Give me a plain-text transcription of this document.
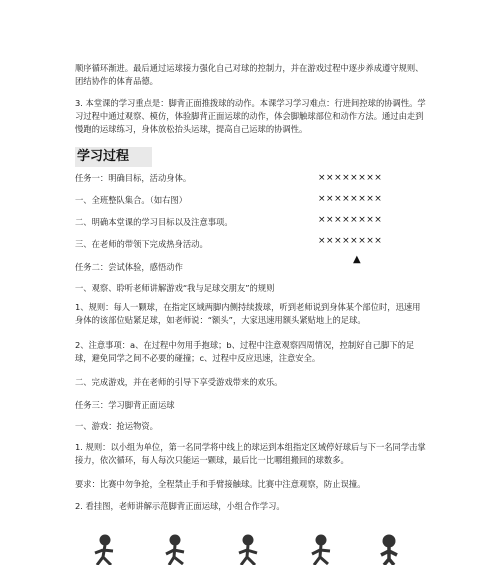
顺序循环渐进。最后通过运球接力强化自己对球的控制力，并在游戏过程中逐步养成遵守规则、团结协作的体育品德。

3. 本堂课的学习重点是：脚背正面推拨球的动作。本课学习学习难点：行进间控球的协调性。学习过程中通过观察、模仿，体验脚背正面运球的动作，体会脚触球部位和动作方法。通过由走到慢跑的运球练习，身体放松抬头运球，提高自己运球的协调性。

学习过程

任务一：明确目标，活动身体。

一、全班整队集合。（如右图）

二、明确本堂课的学习目标以及注意事项。

三、在老师的带领下完成热身活动。

××××××××
××××××××
××××××××
××××××××
▲

任务二：尝试体验，感悟动作

一、观察、聆听老师讲解游戏“我与足球交朋友”的规则

1、规则：每人一颗球，在指定区域两脚内侧持续拨球，听到老师说到身体某个部位时，迅速用身体的该部位贴紧足球，如老师说：“额头”，大家迅速用额头紧贴地上的足球。

2、注意事项：a、在过程中勿用手抱球；b、过程中注意观察四周情况，控制好自己脚下的足球，避免同学之间不必要的碰撞；c、过程中反应迅速，注意安全。

二、完成游戏，并在老师的引导下享受游戏带来的欢乐。

任务三：学习脚背正面运球

一、游戏：抢运物资。

1. 规则：以小组为单位，第一名同学将中线上的球运到本组指定区域停好球后与下一名同学击掌接力，依次循环，每人每次只能运一颗球，最后比一比哪组搬回的球数多。

要求：比赛中勿争抢，全程禁止手和手臂接触球。比赛中注意观察，防止误撞。

2. 看挂图，老师讲解示范脚背正面运球，小组合作学习。
